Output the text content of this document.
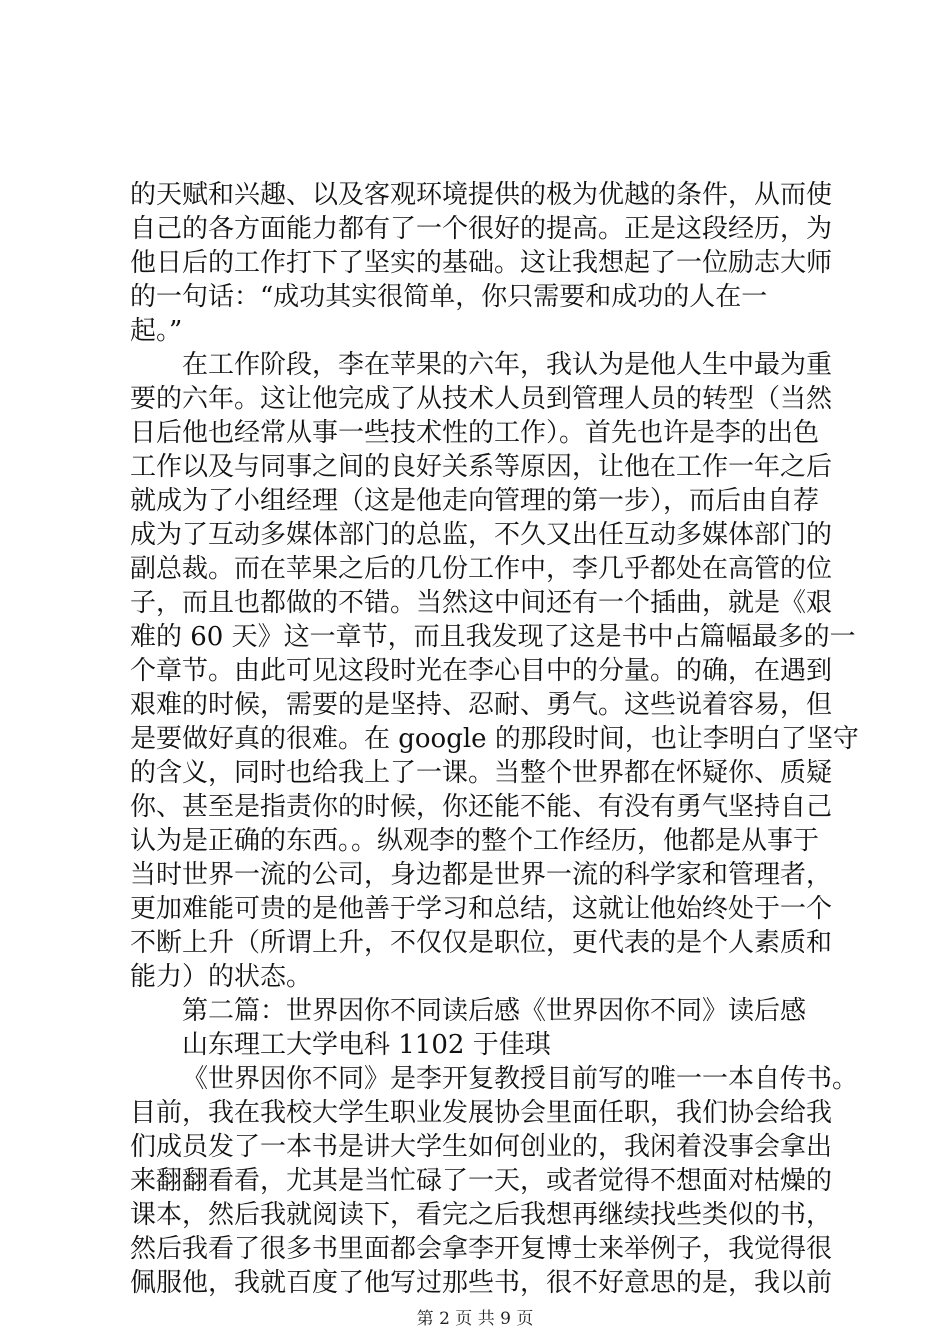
的天赋和兴趣、以及客观环境提供的极为优越的条件，从而使
自己的各方面能力都有了一个很好的提高。正是这段经历，为
他日后的工作打下了坚实的基础。这让我想起了一位励志大师
的一句话：“成功其实很简单，你只需要和成功的人在一
起。”
在工作阶段，李在苹果的六年，我认为是他人生中最为重
要的六年。这让他完成了从技术人员到管理人员的转型（当然
日后他也经常从事一些技术性的工作）。首先也许是李的出色
工作以及与同事之间的良好关系等原因，让他在工作一年之后
就成为了小组经理（这是他走向管理的第一步），而后由自荐
成为了互动多媒体部门的总监，不久又出任互动多媒体部门的
副总裁。而在苹果之后的几份工作中，李几乎都处在高管的位
子，而且也都做的不错。当然这中间还有一个插曲，就是《艰
难的 60 天》这一章节，而且我发现了这是书中占篇幅最多的一
个章节。由此可见这段时光在李心目中的分量。的确，在遇到
艰难的时候，需要的是坚持、忍耐、勇气。这些说着容易，但
是要做好真的很难。在 google 的那段时间，也让李明白了坚守
的含义，同时也给我上了一课。当整个世界都在怀疑你、质疑
你、甚至是指责你的时候，你还能不能、有没有勇气坚持自己
认为是正确的东西。。纵观李的整个工作经历，他都是从事于
当时世界一流的公司，身边都是世界一流的科学家和管理者，
更加难能可贵的是他善于学习和总结，这就让他始终处于一个
不断上升（所谓上升，不仅仅是职位，更代表的是个人素质和
能力）的状态。
第二篇：世界因你不同读后感《世界因你不同》读后感
山东理工大学电科 1102 于佳琪
《世界因你不同》是李开复教授目前写的唯一一本自传书。
目前，我在我校大学生职业发展协会里面任职，我们协会给我
们成员发了一本书是讲大学生如何创业的，我闲着没事会拿出
来翻翻看看，尤其是当忙碌了一天，或者觉得不想面对枯燥的
课本，然后我就阅读下，看完之后我想再继续找些类似的书，
然后我看了很多书里面都会拿李开复博士来举例子，我觉得很
佩服他，我就百度了他写过那些书，很不好意思的是，我以前
第 2 页 共 9 页
